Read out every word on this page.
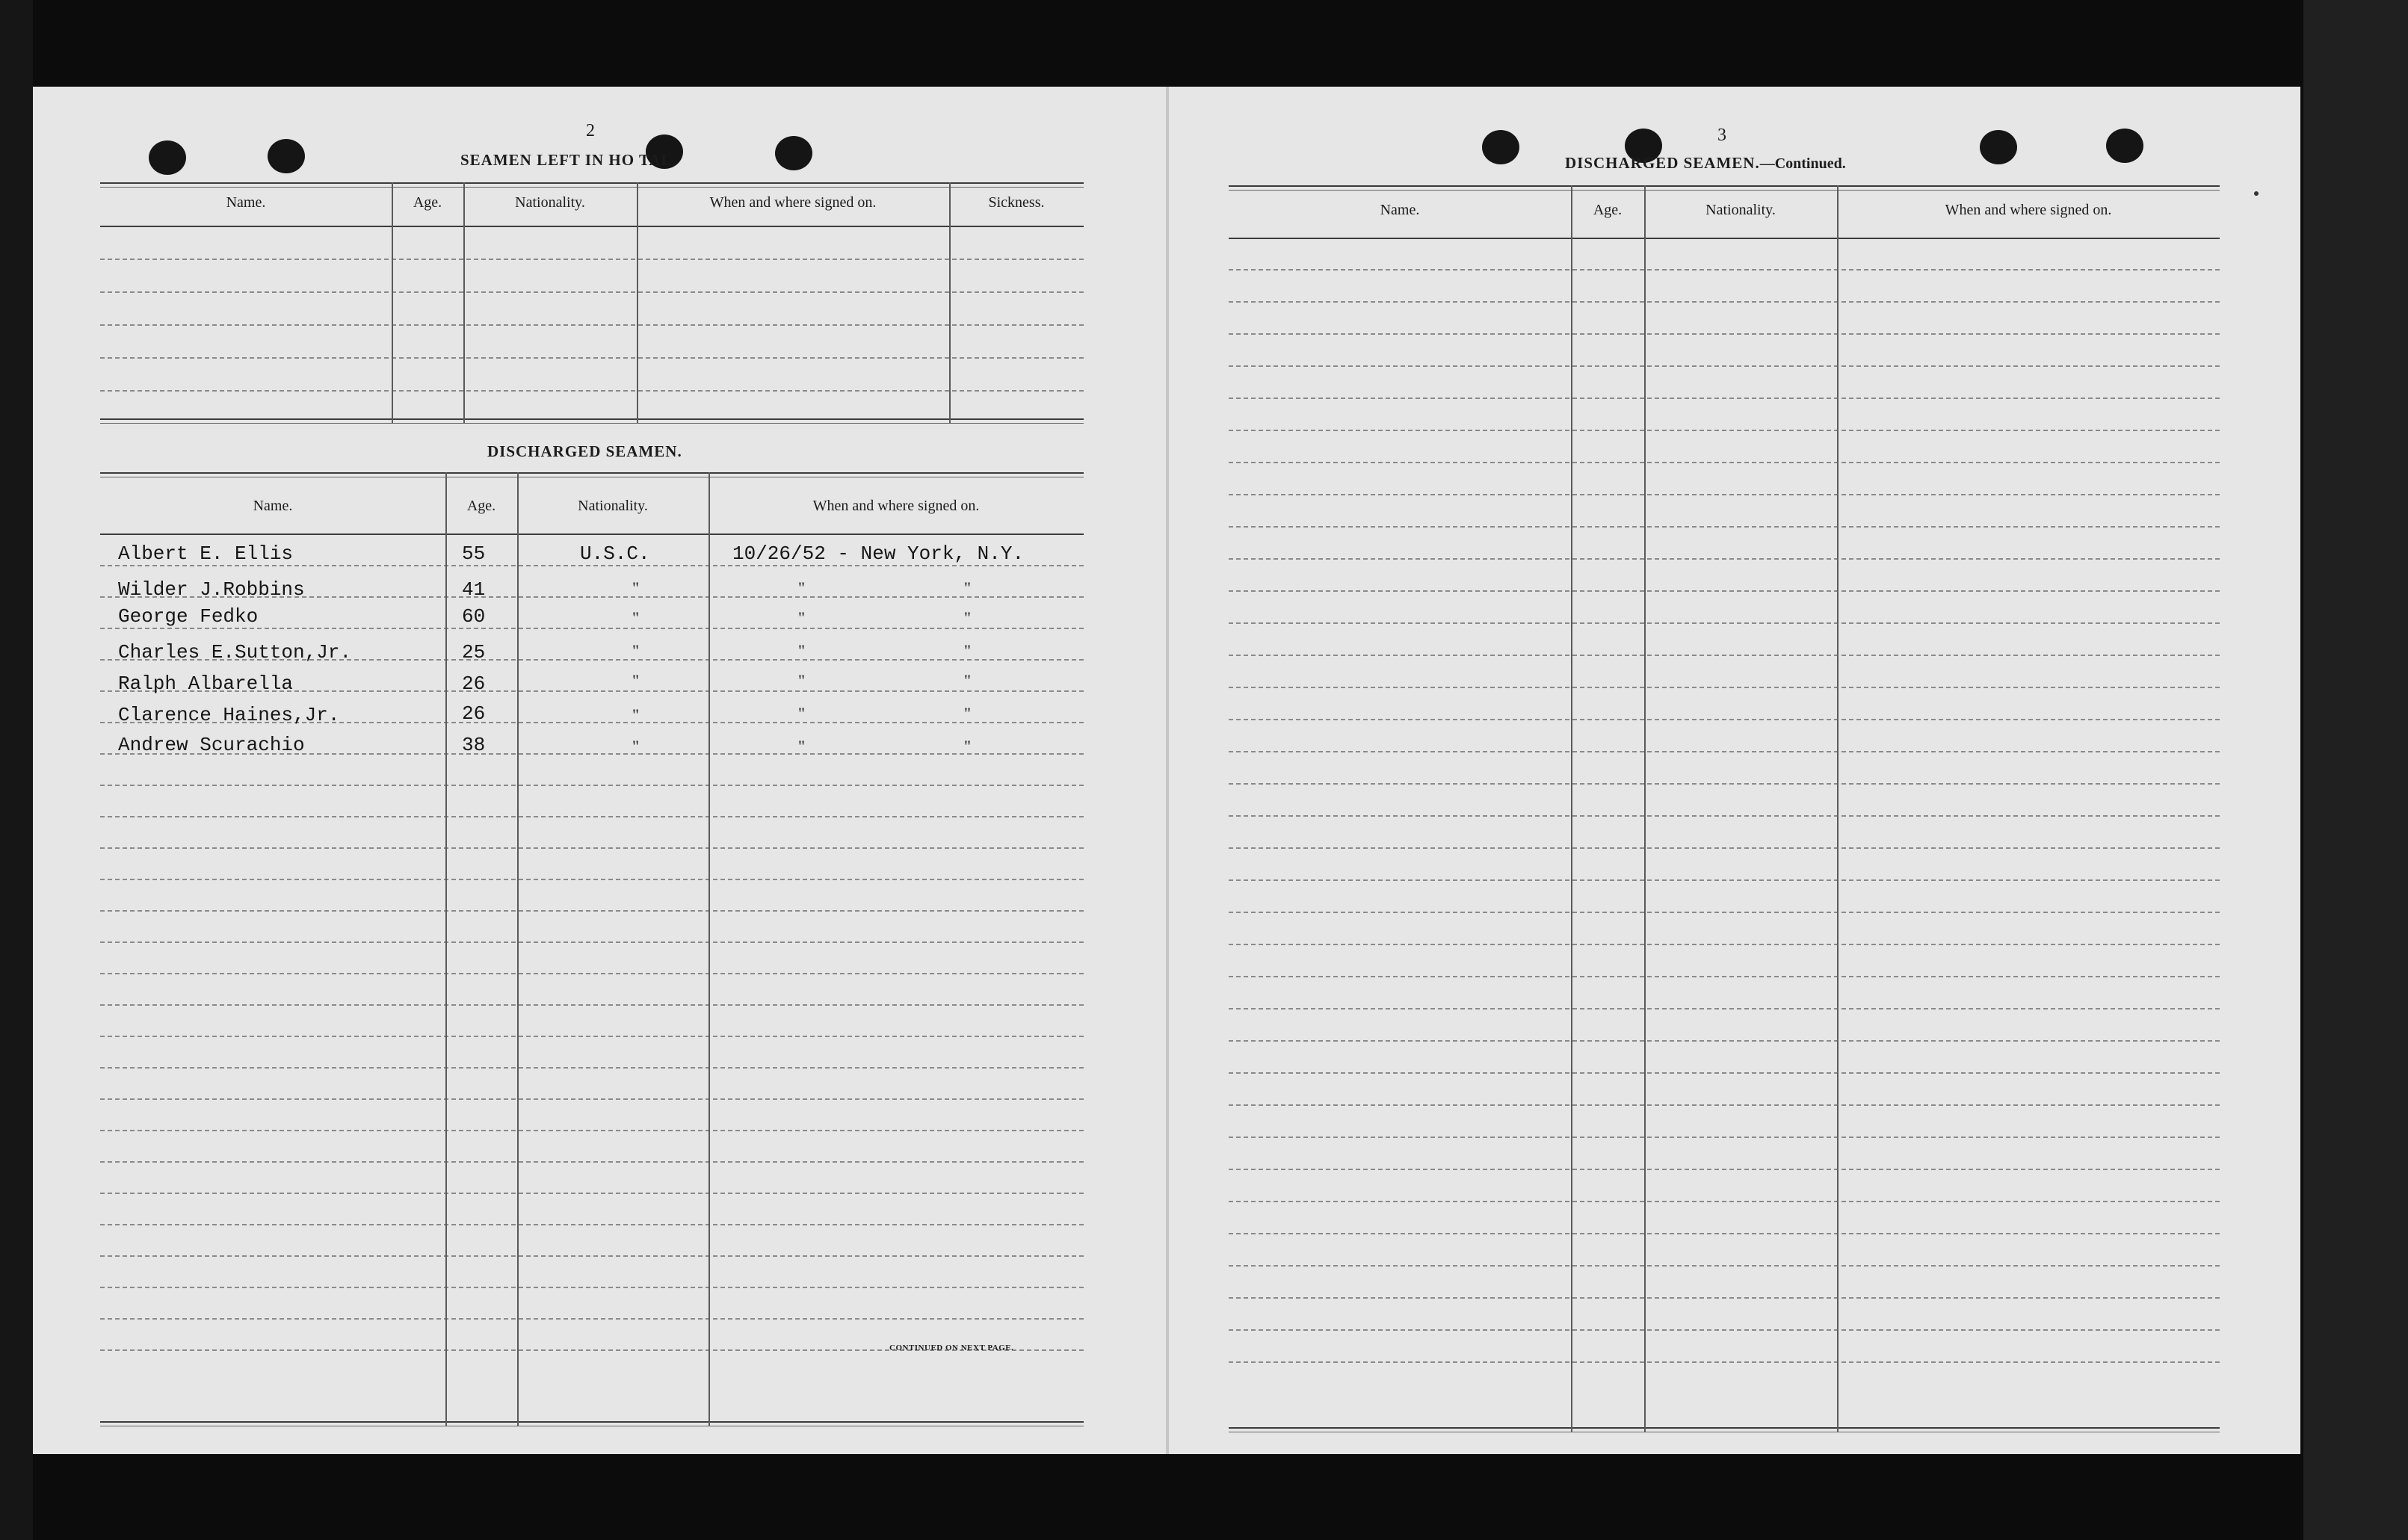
2
SEAMEN LEFT IN HO TAL.
Name.	Age.	Nationality.	When and where signed on.	Sickness.
DISCHARGED SEAMEN.
Name.	Age.	Nationality.	When and where signed on.
Albert E. Ellis	55	U.S.C.	10/26/52 - New York, N.Y.
Wilder J.Robbins	41	"	"	"
George Fedko	60	"	"	"
Charles E.Sutton,Jr.	25	"	"	"
Ralph Albarella	26	"	"	"
Clarence Haines,Jr.	26	"	"	"
Andrew Scurachio	38	"	"	"
CONTINUED ON NEXT PAGE.
3
DISCHARGED SEAMEN.—Continued.
Name.	Age.	Nationality.	When and where signed on.
